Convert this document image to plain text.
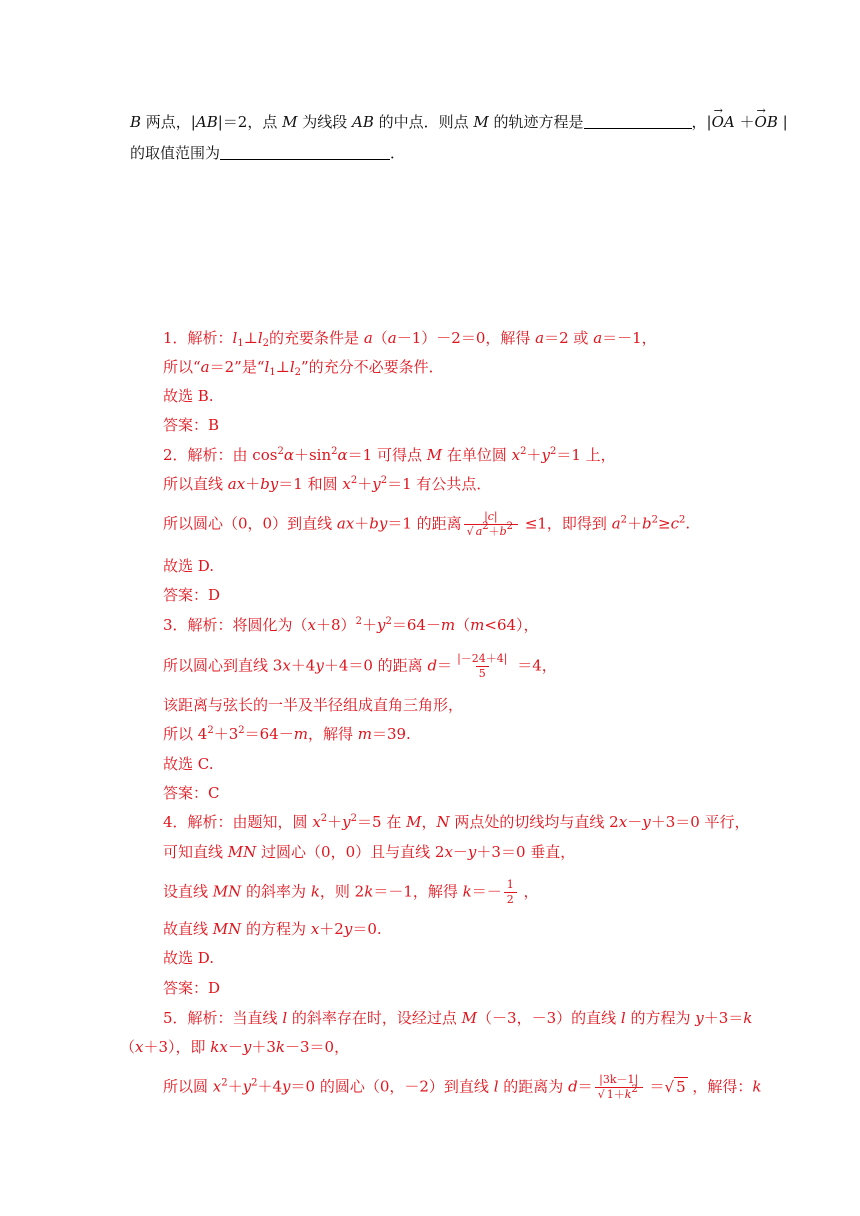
B 两点，|AB|＝2，点 M 为线段 AB 的中点．则点 M 的轨迹方程是	，|→ OA ＋→ OB |
的取值范围为	．
1．解析：$l_1\perp l_2$的充要条件是 a（a－1）－2＝0，解得 a＝2 或 a＝－1，
所以“a＝2”是“$l_1\perp l_2$”的充分不必要条件．
故选 B.
答案：B
2．解析：由 $\cos^2\alpha+\sin^2\alpha=1$ 可得点 M 在单位圆 $x^2+y^2=1$ 上，
所以直线 ax＋by＝1 和圆 $x^2+y^2=1$ 有公共点．
所以圆心（0，0）到直线 ax＋by＝1 的距离 $\frac{|c|}{√ a^2+b^2} \le 1$，即得到 $a^2+b^2\ge c^2$.
故选 D.
答案：D
3．解析：将圆化为$(x+8)^2+y^2=64-m(m<64)$，
所以圆心到直线 3x＋4y＋4＝0 的距离 $d= \frac{|-24+4|}{5} =4$，
该距离与弦长的一半及半径组成直角三角形，
所以 $4^2+3^2=64-m$，解得 m＝39.
故选 C.
答案：C
4．解析：由题知，圆 $x^2+y^2=5$ 在 M，N 两点处的切线均与直线 2x－y＋3＝0 平行，
可知直线 MN 过圆心（0，0）且与直线 2x－y＋3＝0 垂直，
设直线 MN 的斜率为 k，则 2k＝－1，解得 $k=- \frac{1}{2}$ ，
故直线 MN 的方程为 x＋2y＝0.
故选 D.
答案：D
5．解析：当直线 l 的斜率存在时，设经过点 M（－3，－3）的直线 l 的方程为 y＋3＝k
（x＋3），即 kx－y＋3k－3＝0，
所以圆 $x^2+y^2+4y=0$ 的圆心（0，－2）到直线 l 的距离为 $d= \frac{|3k-1|}{√ 1+k^2}$ ＝√ 5 ，解得：k
